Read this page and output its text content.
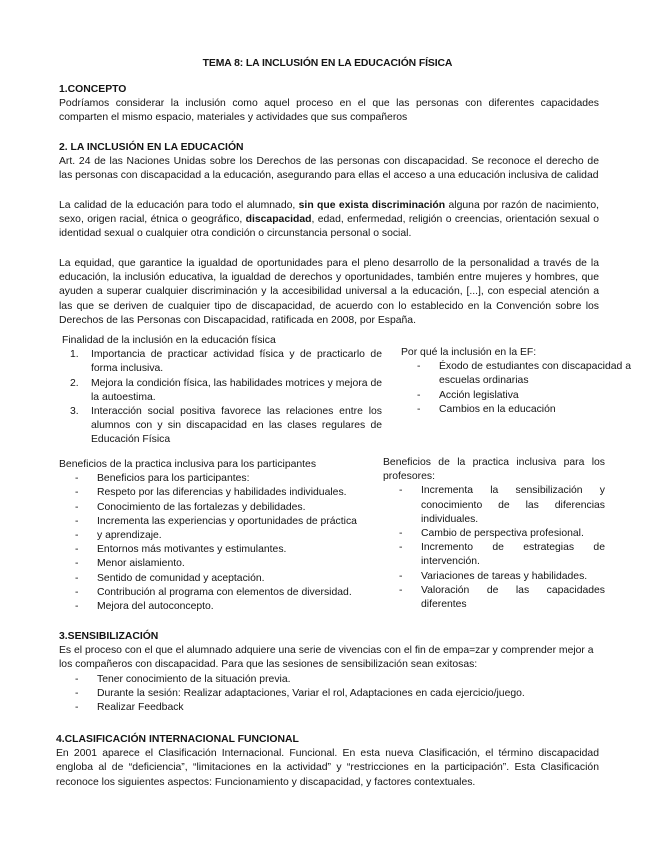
TEMA 8: LA INCLUSIÓN EN LA EDUCACIÓN FÍSICA

1.CONCEPTO

Podríamos considerar la inclusión como aquel proceso en el que las personas con diferentes capacidades comparten el mismo espacio, materiales y actividades que sus compañeros

2. LA INCLUSIÓN EN LA EDUCACIÓN

Art. 24 de las Naciones Unidas sobre los Derechos de las personas con discapacidad. Se reconoce el derecho de las personas con discapacidad a la educación, asegurando para ellas el acceso a una educación inclusiva de calidad

La calidad de la educación para todo el alumnado, sin que exista discriminación alguna por razón de nacimiento, sexo, origen racial, étnica o geográfico, discapacidad, edad, enfermedad, religión o creencias, orientación sexual o identidad sexual o cualquier otra condición o circunstancia personal o social.

La equidad, que garantice la igualdad de oportunidades para el pleno desarrollo de la personalidad a través de la educación, la inclusión educativa, la igualdad de derechos y oportunidades, también entre mujeres y hombres, que ayuden a superar cualquier discriminación y la accesibilidad universal a la educación, [...], con especial atención a las que se deriven de cualquier tipo de discapacidad, de acuerdo con lo establecido en la Convención sobre los Derechos de las Personas con Discapacidad, ratificada en 2008, por España.

Finalidad de la inclusión en la educación física

1. Importancia de practicar actividad física y de practicarlo de forma inclusiva.
2. Mejora la condición física, las habilidades motrices y mejora de la autoestima.
3. Interacción social positiva favorece las relaciones entre los alumnos con y sin discapacidad en las clases regulares de Educación Física

Por qué la inclusión en la EF:

- Éxodo de estudiantes con discapacidad a escuelas ordinarias
- Acción legislativa
- Cambios en la educación

Beneficios de la practica inclusiva para los participantes

- Beneficios para los participantes:
- Respeto por las diferencias y habilidades individuales.
- Conocimiento de las fortalezas y debilidades.
- Incrementa las experiencias y oportunidades de práctica
- y aprendizaje.
- Entornos más motivantes y estimulantes.
- Menor aislamiento.
- Sentido de comunidad y aceptación.
- Contribución al programa con elementos de diversidad.
- Mejora del autoconcepto.

Beneficios de la practica inclusiva para los profesores:

- Incrementa la sensibilización y conocimiento de las diferencias individuales.
- Cambio de perspectiva profesional.
- Incremento de estrategias de intervención.
- Variaciones de tareas y habilidades.
- Valoración de las capacidades diferentes

3.SENSIBILIZACIÓN

Es el proceso con el que el alumnado adquiere una serie de vivencias con el fin de empa=zar y comprender mejor a los compañeros con discapacidad. Para que las sesiones de sensibilización sean exitosas:

- Tener conocimiento de la situación previa.
- Durante la sesión: Realizar adaptaciones, Variar el rol, Adaptaciones en cada ejercicio/juego.
- Realizar Feedback

4.CLASIFICACIÓN INTERNACIONAL FUNCIONAL

En 2001 aparece el Clasificación Internacional. Funcional. En esta nueva Clasificación, el término discapacidad engloba al de “deficiencia”, “limitaciones en la actividad” y “restricciones en la participación”. Esta Clasificación reconoce los siguientes aspectos: Funcionamiento y discapacidad, y factores contextuales.
